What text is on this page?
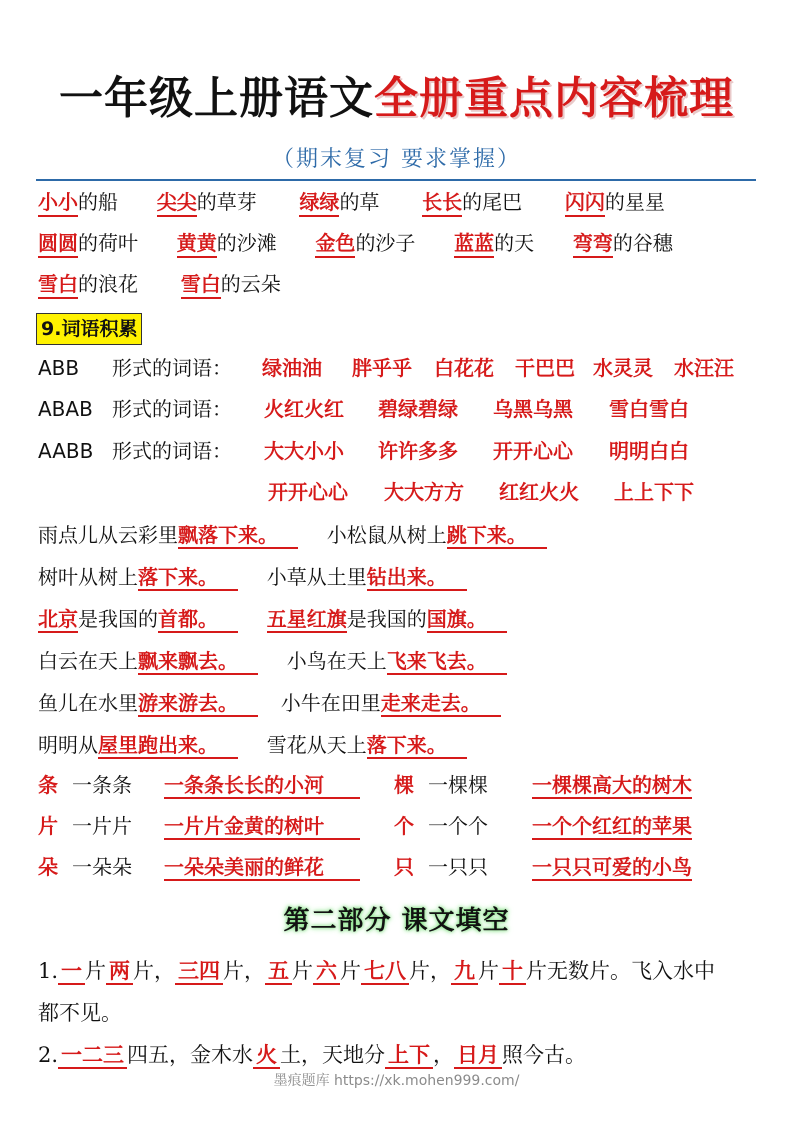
一年级上册语文全册重点内容梳理
（期末复习 要求掌握）
小小的船 尖尖的草芽 绿绿的草 长长的尾巴 闪闪的星星
圆圆的荷叶 黄黄的沙滩 金色的沙子 蓝蓝的天 弯弯的谷穗
雪白的浪花 雪白的云朵
9.词语积累
ABB 形式的词语： 绿油油 胖乎乎 白花花 干巴巴 水灵灵 水汪汪
ABAB 形式的词语： 火红火红 碧绿碧绿 乌黑乌黑 雪白雪白
AABB 形式的词语： 大大小小 许许多多 开开心心 明明白白
开开心心 大大方方 红红火火 上上下下
雨点儿从云彩里飘落下来。 小松鼠从树上跳下来。
树叶从树上落下来。 小草从土里钻出来。
北京是我国的首都。 五星红旗是我国的国旗。
白云在天上飘来飘去。 小鸟在天上飞来飞去。
鱼儿在水里游来游去。 小牛在田里走来走去。
明明从屋里跑出来。 雪花从天上落下来。
条 一条条 一条条长长的小河	棵 一棵棵 一棵棵高大的树木
片 一片片 一片片金黄的树叶	个 一个个 一个个红红的苹果
朵 一朵朵 一朵朵美丽的鲜花	只 一只只 一只只可爱的小鸟
第二部分 课文填空
1. 一 片 两 片， 三四 片， 五 片 六 片 七八 片， 九 片 十 片无数片。飞入水中
都不见。
2. 一二三 四五，金木水 火 土，天地分 上下 ， 日月 照今古。
墨痕题库 https://xk.mohen999.com/
